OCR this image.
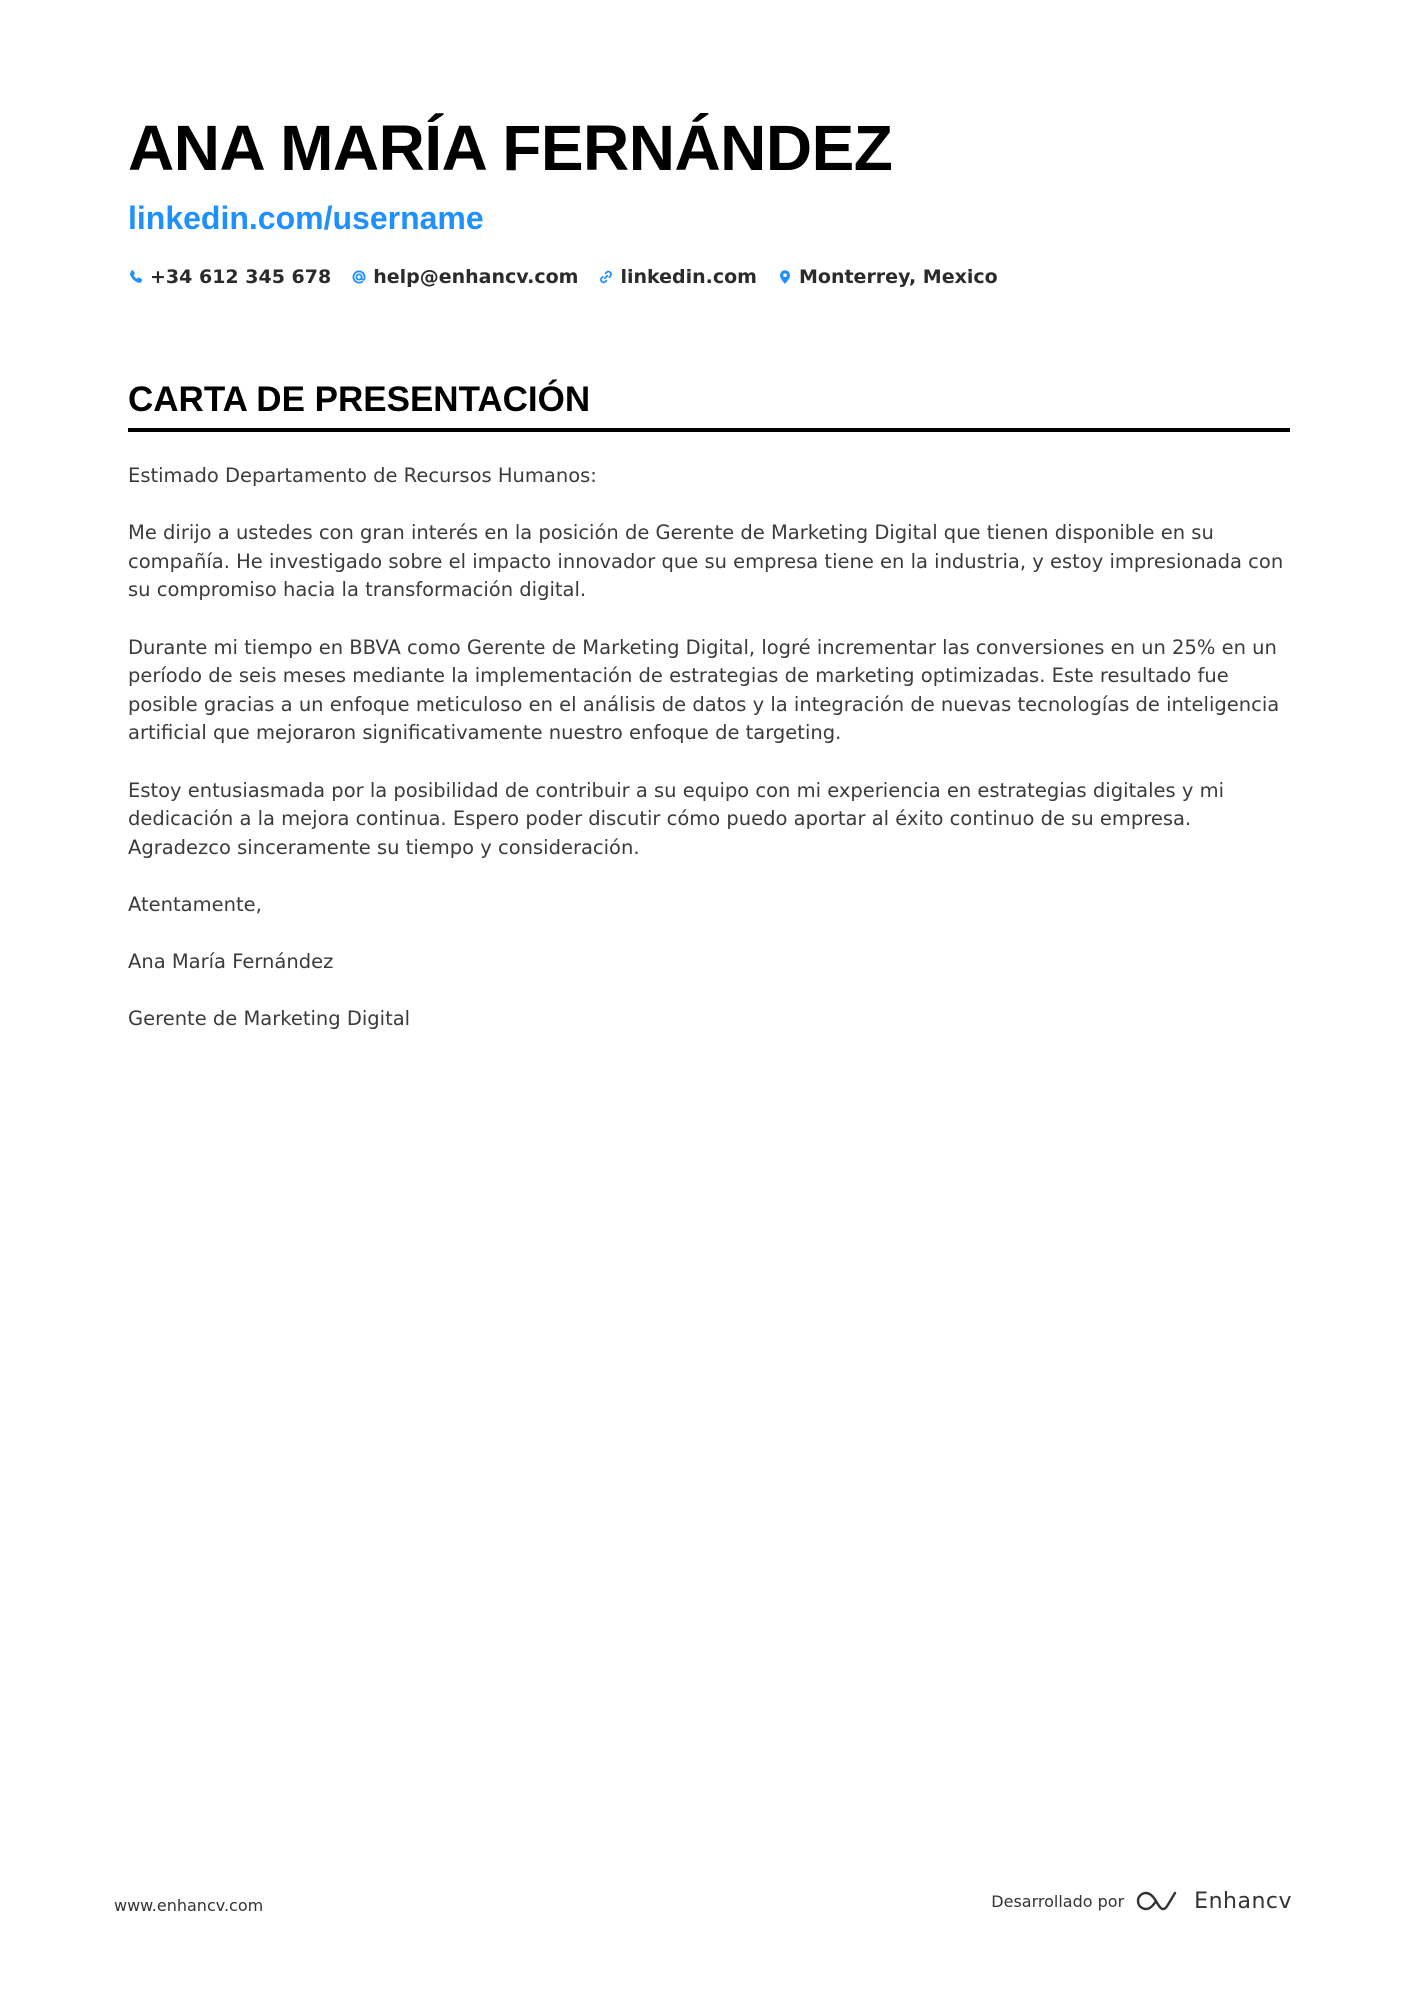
ANA MARÍA FERNÁNDEZ
linkedin.com/username
+34 612 345 678 help@enhancv.com linkedin.com Monterrey, Mexico
CARTA DE PRESENTACIÓN

Estimado Departamento de Recursos Humanos:

Me dirijo a ustedes con gran interés en la posición de Gerente de Marketing Digital que tienen disponible en su compañía. He investigado sobre el impacto innovador que su empresa tiene en la industria, y estoy impresionada con su compromiso hacia la transformación digital.

Durante mi tiempo en BBVA como Gerente de Marketing Digital, logré incrementar las conversiones en un 25% en un período de seis meses mediante la implementación de estrategias de marketing optimizadas. Este resultado fue posible gracias a un enfoque meticuloso en el análisis de datos y la integración de nuevas tecnologías de inteligencia artificial que mejoraron significativamente nuestro enfoque de targeting.

Estoy entusiasmada por la posibilidad de contribuir a su equipo con mi experiencia en estrategias digitales y mi dedicación a la mejora continua. Espero poder discutir cómo puedo aportar al éxito continuo de su empresa. Agradezco sinceramente su tiempo y consideración.

Atentamente,

Ana María Fernández

Gerente de Marketing Digital

www.enhancv.com	Desarrollado por	Enhancv
